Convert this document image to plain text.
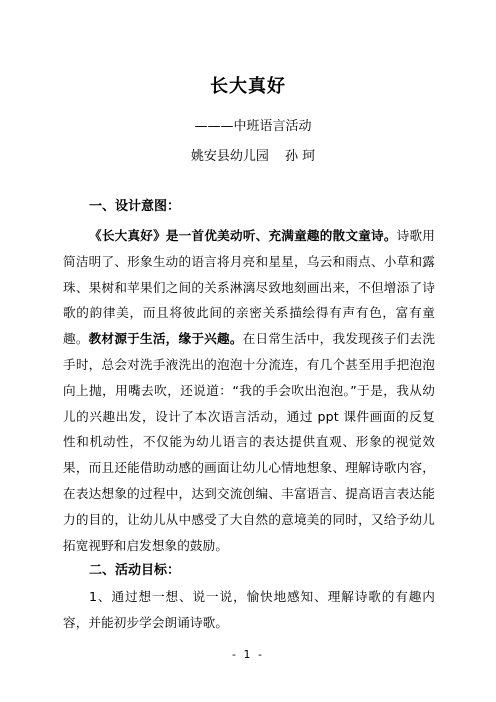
长大真好
———中班语言活动
姚安县幼儿园 孙 珂
一、设计意图：
《长大真好》是一首优美动听、充满童趣的散文童诗。诗歌用简洁明了、形象生动的语言将月亮和星星，乌云和雨点、小草和露珠、果树和苹果们之间的关系淋漓尽致地刻画出来，不但增添了诗歌的韵律美，而且将彼此间的亲密关系描绘得有声有色，富有童趣。教材源于生活，缘于兴趣。在日常生活中，我发现孩子们去洗手时，总会对洗手液洗出的泡泡十分流连，有几个甚至用手把泡泡向上抛，用嘴去吹，还说道：“我的手会吹出泡泡。”于是，我从幼儿的兴趣出发，设计了本次语言活动，通过 ppt 课件画面的反复性和机动性，不仅能为幼儿语言的表达提供直观、形象的视觉效果，而且还能借助动感的画面让幼儿心情地想象、理解诗歌内容，在表达想象的过程中，达到交流创编、丰富语言、提高语言表达能力的目的，让幼儿从中感受了大自然的意境美的同时，又给予幼儿拓宽视野和启发想象的鼓励。
二、活动目标：
1、通过想一想、说一说，愉快地感知、理解诗歌的有趣内容，并能初步学会朗诵诗歌。
- 1 -
